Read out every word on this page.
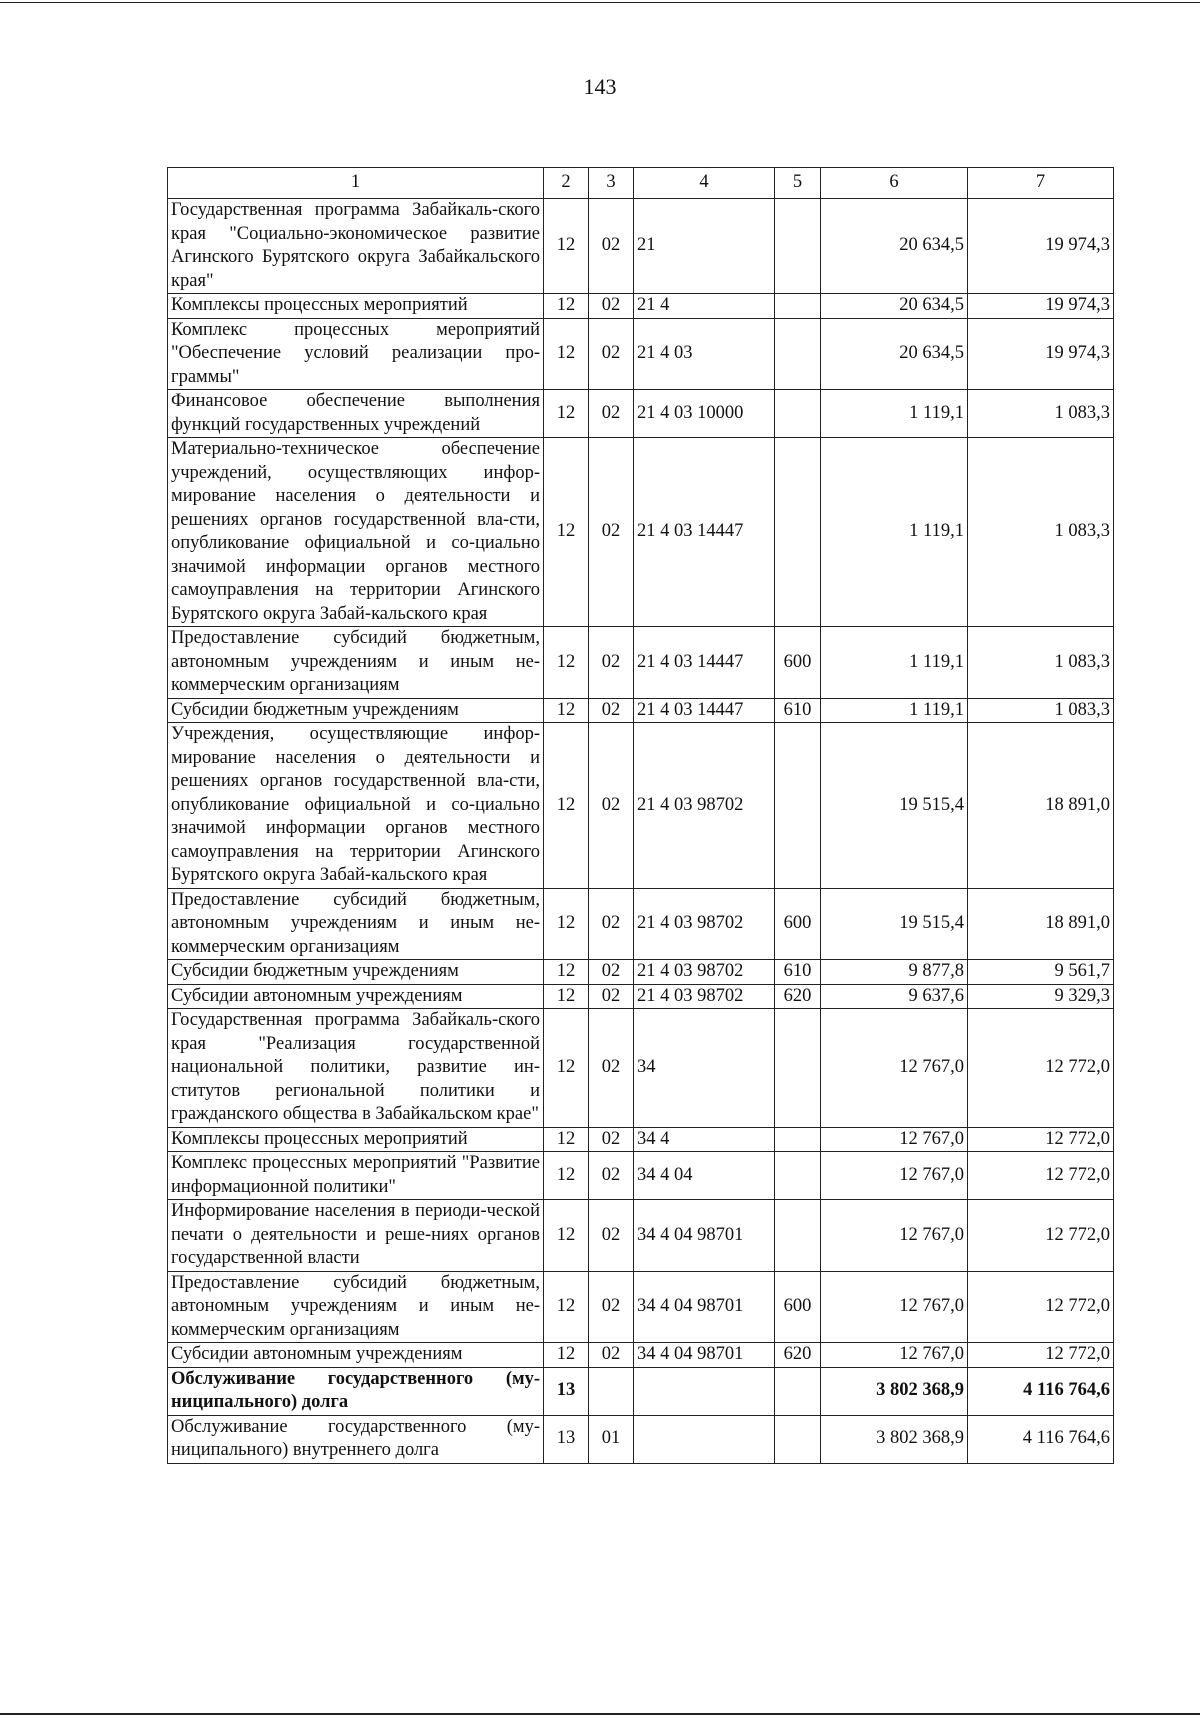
143
1	2	3	4	5	6	7
Государственная программа Забайкаль-ского края "Социально-экономическое развитие Агинского Бурятского округа Забайкальского края"	12	02	21		20 634,5	19 974,3
Комплексы процессных мероприятий	12	02	21 4		20 634,5	19 974,3
Комплекс процессных мероприятий "Обеспечение условий реализации про-граммы"	12	02	21 4 03		20 634,5	19 974,3
Финансовое обеспечение выполнения функций государственных учреждений	12	02	21 4 03 10000		1 119,1	1 083,3
Материально-техническое обеспечение учреждений, осуществляющих инфор-мирование населения о деятельности и решениях органов государственной вла-сти, опубликование официальной и со-циально значимой информации органов местного самоуправления на территории Агинского Бурятского округа Забай-кальского края	12	02	21 4 03 14447		1 119,1	1 083,3
Предоставление субсидий бюджетным, автономным учреждениям и иным не-коммерческим организациям	12	02	21 4 03 14447	600	1 119,1	1 083,3
Субсидии бюджетным учреждениям	12	02	21 4 03 14447	610	1 119,1	1 083,3
Учреждения, осуществляющие инфор-мирование населения о деятельности и решениях органов государственной вла-сти, опубликование официальной и со-циально значимой информации органов местного самоуправления на территории Агинского Бурятского округа Забай-кальского края	12	02	21 4 03 98702		19 515,4	18 891,0
Предоставление субсидий бюджетным, автономным учреждениям и иным не-коммерческим организациям	12	02	21 4 03 98702	600	19 515,4	18 891,0
Субсидии бюджетным учреждениям	12	02	21 4 03 98702	610	9 877,8	9 561,7
Субсидии автономным учреждениям	12	02	21 4 03 98702	620	9 637,6	9 329,3
Государственная программа Забайкаль-ского края "Реализация государственной национальной политики, развитие ин-ститутов региональной политики и гражданского общества в Забайкальском крае"	12	02	34		12 767,0	12 772,0
Комплексы процессных мероприятий	12	02	34 4		12 767,0	12 772,0
Комплекс процессных мероприятий "Развитие информационной политики"	12	02	34 4 04		12 767,0	12 772,0
Информирование населения в периоди-ческой печати о деятельности и реше-ниях органов государственной власти	12	02	34 4 04 98701		12 767,0	12 772,0
Предоставление субсидий бюджетным, автономным учреждениям и иным не-коммерческим организациям	12	02	34 4 04 98701	600	12 767,0	12 772,0
Субсидии автономным учреждениям	12	02	34 4 04 98701	620	12 767,0	12 772,0
Обслуживание государственного (му-ниципального) долга	13				3 802 368,9	4 116 764,6
Обслуживание государственного (му-ниципального) внутреннего долга	13	01			3 802 368,9	4 116 764,6
